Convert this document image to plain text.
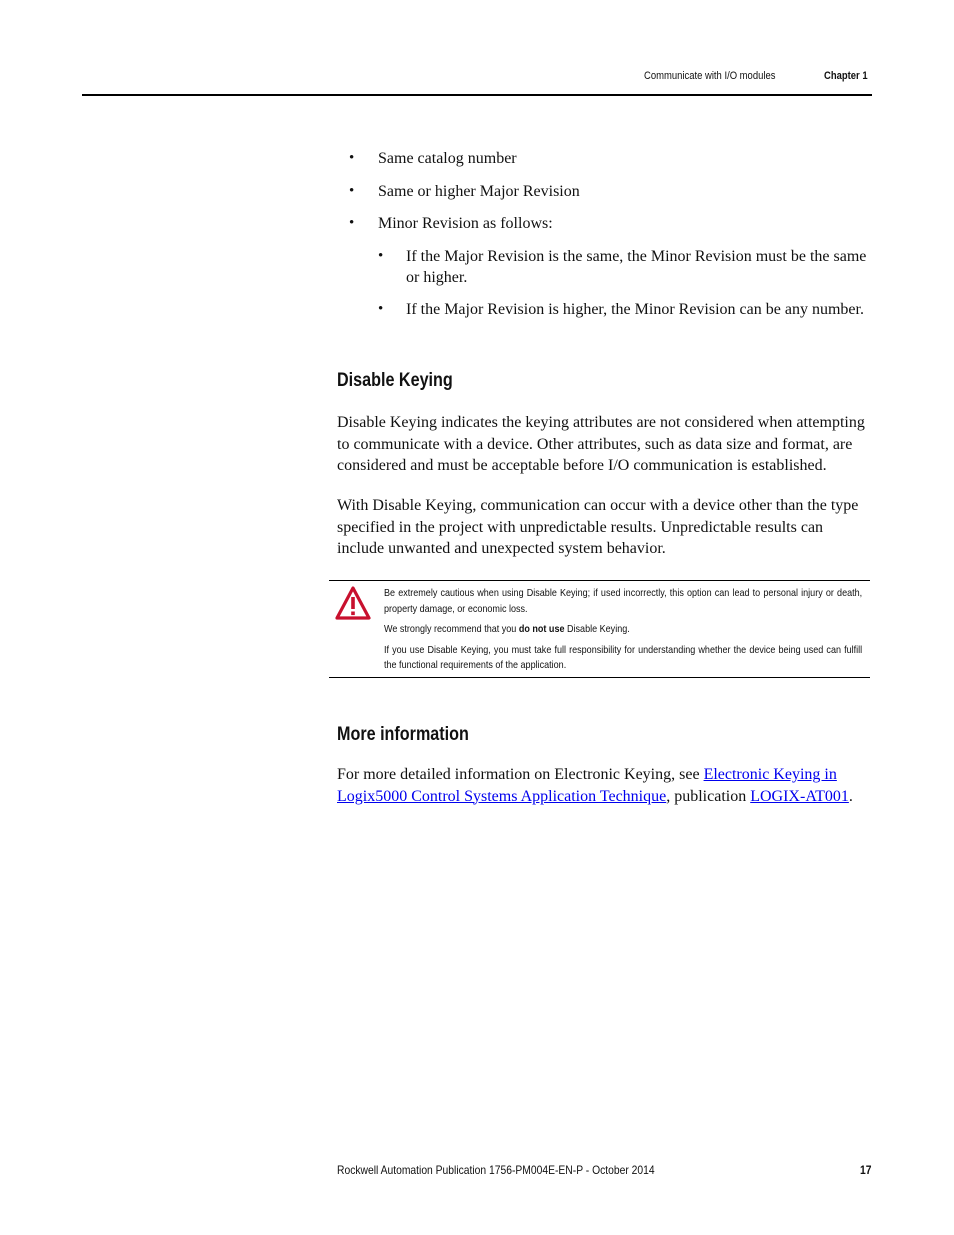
Communicate with I/O modules	Chapter 1
• Same catalog number
• Same or higher Major Revision
• Minor Revision as follows:
• If the Major Revision is the same, the Minor Revision must be the same or higher.
• If the Major Revision is higher, the Minor Revision can be any number.
Disable Keying

Disable Keying indicates the keying attributes are not considered when attempting to communicate with a device. Other attributes, such as data size and format, are considered and must be acceptable before I/O communication is established.

With Disable Keying, communication can occur with a device other than the type specified in the project with unpredictable results. Unpredictable results can include unwanted and unexpected system behavior.

Be extremely cautious when using Disable Keying; if used incorrectly, this option can lead to personal injury or death, property damage, or economic loss.

We strongly recommend that you do not use Disable Keying.

If you use Disable Keying, you must take full responsibility for understanding whether the device being used can fulfill the functional requirements of the application.

More information

For more detailed information on Electronic Keying, see Electronic Keying in Logix5000 Control Systems Application Technique, publication LOGIX-AT001.

Rockwell Automation Publication 1756-PM004E-EN-P - October 2014	17
